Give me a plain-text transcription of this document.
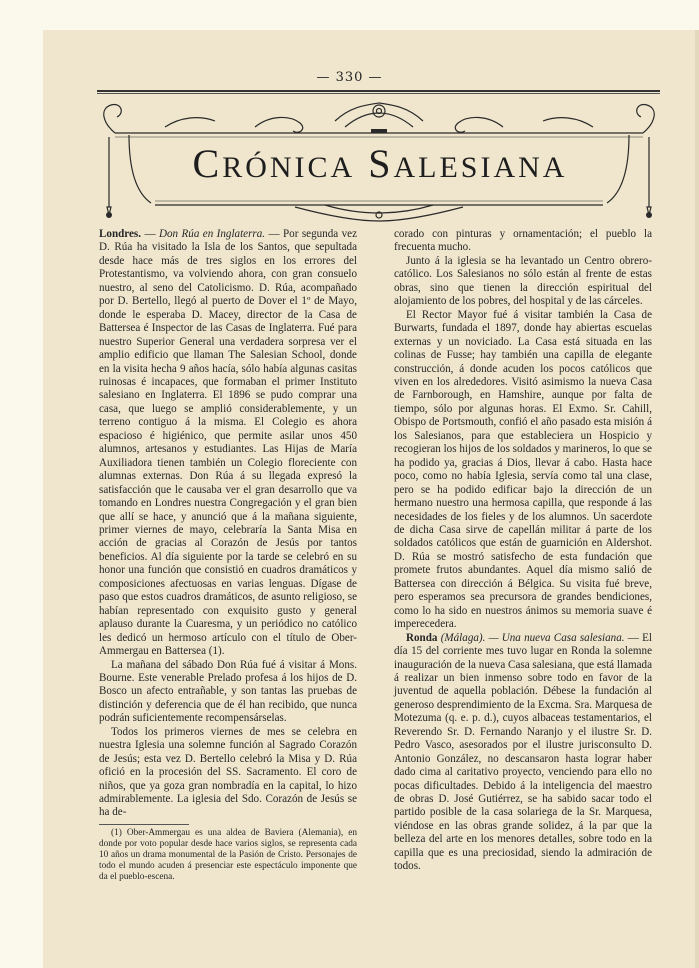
— 330 —
CRÓNICA SALESIANA

Londres. — Don Rúa en Inglaterra. — Por segunda vez D. Rúa ha visitado la Isla de los Santos, que sepultada desde hace más de tres siglos en los errores del Protestantismo, va volviendo ahora, con gran consuelo nuestro, al seno del Catolicismo. D. Rúa, acompañado por D. Bertello, llegó al puerto de Dover el 1º de Mayo, donde le esperaba D. Macey, director de la Casa de Battersea é Inspector de las Casas de Inglaterra. Fué para nuestro Superior General una verdadera sorpresa ver el amplio edificio que llaman The Salesian School, donde en la visita hecha 9 años hacía, sólo había algunas casitas ruinosas é incapaces, que formaban el primer Instituto salesiano en Inglaterra. El 1896 se pudo comprar una casa, que luego se amplió considerablemente, y un terreno contiguo á la misma. El Colegio es ahora espacioso é higiénico, que permite asilar unos 450 alumnos, artesanos y estudiantes. Las Hijas de María Auxiliadora tienen también un Colegio floreciente con alumnas externas. Don Rúa á su llegada expresó la satisfacción que le causaba ver el gran desarrollo que va tomando en Londres nuestra Congregación y el gran bien que allí se hace, y anunció que á la mañana siguiente, primer viernes de mayo, celebraría la Santa Misa en acción de gracias al Corazón de Jesús por tantos beneficios. Al día siguiente por la tarde se celebró en su honor una función que consistió en cuadros dramáticos y composiciones afectuosas en varias lenguas. Dígase de paso que estos cuadros dramáticos, de asunto religioso, se habían representado con exquisito gusto y general aplauso durante la Cuaresma, y un periódico no católico les dedicó un hermoso artículo con el título de Ober-Ammergau en Battersea (1).

La mañana del sábado Don Rúa fué á visitar á Mons. Bourne. Este venerable Prelado profesa á los hijos de D. Bosco un afecto entrañable, y son tantas las pruebas de distinción y deferencia que de él han recibido, que nunca podrán suficientemente recompensárselas.

Todos los primeros viernes de mes se celebra en nuestra Iglesia una solemne función al Sagrado Corazón de Jesús; esta vez D. Bertello celebró la Misa y D. Rúa ofició en la procesión del SS. Sacramento. El coro de niños, que ya goza gran nombradía en la capital, lo hizo admirablemente. La iglesia del Sdo. Corazón de Jesús se ha de-

(1) Ober-Ammergau es una aldea de Baviera (Alemania), en donde por voto popular desde hace varios siglos, se representa cada 10 años un drama monumental de la Pasión de Cristo. Personajes de todo el mundo acuden á presenciar este espectáculo imponente que da el pueblo-escena.

corado con pinturas y ornamentación; el pueblo la frecuenta mucho.

Junto á la iglesia se ha levantado un Centro obrero-católico. Los Salesianos no sólo están al frente de estas obras, sino que tienen la dirección espiritual del alojamiento de los pobres, del hospital y de las cárceles.

El Rector Mayor fué á visitar también la Casa de Burwarts, fundada el 1897, donde hay abiertas escuelas externas y un noviciado. La Casa está situada en las colinas de Fusse; hay también una capilla de elegante construcción, á donde acuden los pocos católicos que viven en los alrededores. Visitó asimismo la nueva Casa de Farnborough, en Hamshire, aunque por falta de tiempo, sólo por algunas horas. El Exmo. Sr. Cahill, Obispo de Portsmouth, confió el año pasado esta misión á los Salesianos, para que estableciera un Hospicio y recogieran los hijos de los soldados y marineros, lo que se ha podido ya, gracias á Dios, llevar á cabo. Hasta hace poco, como no había Iglesia, servía como tal una clase, pero se ha podido edificar bajo la dirección de un hermano nuestro una hermosa capilla, que responde á las necesidades de los fieles y de los alumnos. Un sacerdote de dicha Casa sirve de capellán militar á parte de los soldados católicos que están de guarnición en Aldershot. D. Rúa se mostró satisfecho de esta fundación que promete frutos abundantes. Aquel día mismo salió de Battersea con dirección á Bélgica. Su visita fué breve, pero esperamos sea precursora de grandes bendiciones, como lo ha sido en nuestros ánimos su memoria suave é imperecedera.

Ronda (Málaga). — Una nueva Casa salesiana. — El día 15 del corriente mes tuvo lugar en Ronda la solemne inauguración de la nueva Casa salesiana, que está llamada á realizar un bien inmenso sobre todo en favor de la juventud de aquella población. Débese la fundación al generoso desprendimiento de la Excma. Sra. Marquesa de Motezuma (q. e. p. d.), cuyos albaceas testamentarios, el Reverendo Sr. D. Fernando Naranjo y el ilustre Sr. D. Pedro Vasco, asesorados por el ilustre jurisconsulto D. Antonio González, no descansaron hasta lograr haber dado cima al caritativo proyecto, venciendo para ello no pocas dificultades. Debido á la inteligencia del maestro de obras D. José Gutiérrez, se ha sabido sacar todo el partido posible de la casa solariega de la Sr. Marquesa, viéndose en las obras grande solidez, á la par que la belleza del arte en los menores detalles, sobre todo en la capilla que es una preciosidad, siendo la admiración de todos.
